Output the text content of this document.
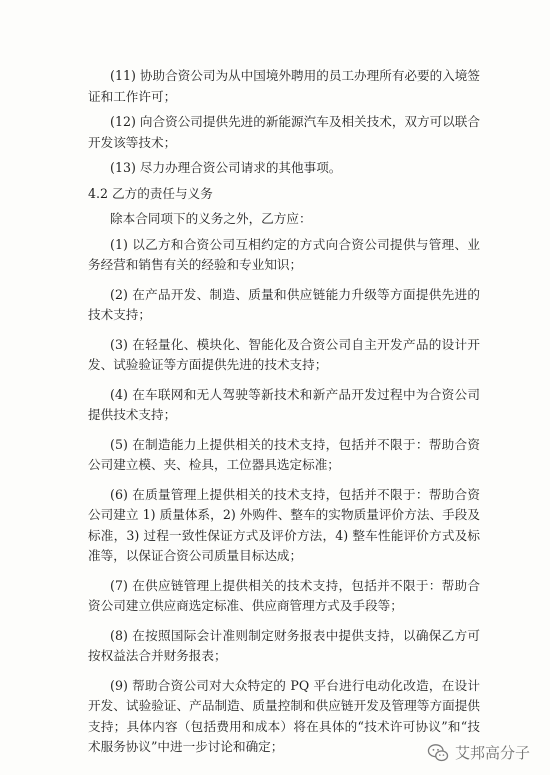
(11) 协助合资公司为从中国境外聘用的员工办理所有必要的入境签证和工作许可；

(12) 向合资公司提供先进的新能源汽车及相关技术，双方可以联合开发该等技术；

(13) 尽力办理合资公司请求的其他事项。

4.2 乙方的责任与义务

除本合同项下的义务之外，乙方应：

(1) 以乙方和合资公司互相约定的方式向合资公司提供与管理、业务经营和销售有关的经验和专业知识；

(2) 在产品开发、制造、质量和供应链能力升级等方面提供先进的技术支持；

(3) 在轻量化、模块化、智能化及合资公司自主开发产品的设计开发、试验验证等方面提供先进的技术支持；

(4) 在车联网和无人驾驶等新技术和新产品开发过程中为合资公司提供技术支持；

(5) 在制造能力上提供相关的技术支持，包括并不限于：帮助合资公司建立模、夹、检具，工位器具选定标准；

(6) 在质量管理上提供相关的技术支持，包括并不限于：帮助合资公司建立 1) 质量体系，2) 外购件、整车的实物质量评价方法、手段及标准，3) 过程一致性保证方式及评价方法，4) 整车性能评价方式及标准等，以保证合资公司质量目标达成；

(7) 在供应链管理上提供相关的技术支持，包括并不限于：帮助合资公司建立供应商选定标准、供应商管理方式及手段等；

(8) 在按照国际会计准则制定财务报表中提供支持，以确保乙方可按权益法合并财务报表；

(9) 帮助合资公司对大众特定的 PQ 平台进行电动化改造，在设计开发、试验验证、产品制造、质量控制和供应链开发及管理等方面提供支持；具体内容（包括费用和成本）将在具体的“技术许可协议”和“技术服务协议”中进一步讨论和确定；	艾邦高分子
